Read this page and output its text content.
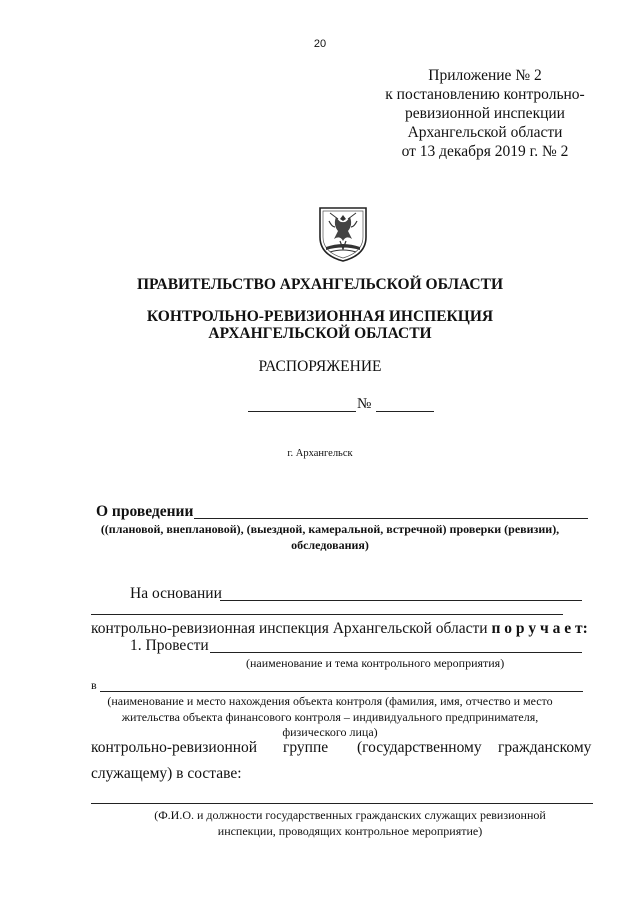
20
Приложение № 2
к постановлению контрольно-
ревизионной инспекции
Архангельской области
от 13 декабря 2019 г. № 2
ПРАВИТЕЛЬСТВО АРХАНГЕЛЬСКОЙ ОБЛАСТИ
КОНТРОЛЬНО-РЕВИЗИОННАЯ ИНСПЕКЦИЯ
АРХАНГЕЛЬСКОЙ ОБЛАСТИ
РАСПОРЯЖЕНИЕ
№
г. Архангельск
О проведении
((плановой, внеплановой), (выездной, камеральной, встречной) проверки (ревизии),
обследования)
На основании
контрольно-ревизионная инспекция Архангельской области п о р у ч а е т:
1. Провести
(наименование и тема контрольного мероприятия)
в
(наименование и место нахождения объекта контроля (фамилия, имя, отчество и место
жительства объекта финансового контроля – индивидуального предпринимателя,
физического лица)
контрольно-ревизионной группе (государственному гражданскому
служащему) в составе:
(Ф.И.О. и должности государственных гражданских служащих ревизионной
инспекции, проводящих контрольное мероприятие)
